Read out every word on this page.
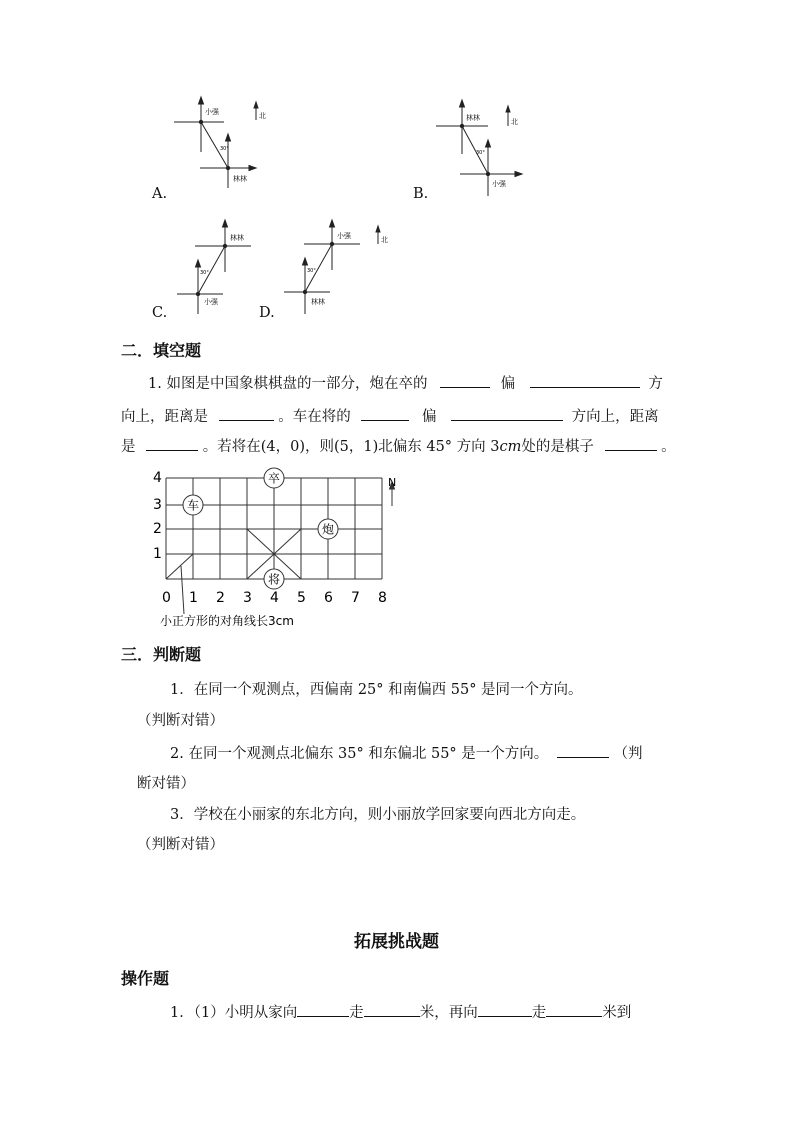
小强	北
30°
林林
A.
林林	北
30°
小强
B.
林林
30°
小强
C.
小强	北
30°
林林
D.
二．填空题
1. 如图是中国象棋棋盘的一部分，炮在卒的	偏	方
向上，距离是	。车在将的	偏	方向上，距离
是	。若将在(4，0)，则(5，1)北偏东 45° 方向 3cm处的是棋子	。
卒
车
炮
将
N
4
3
2
1
0 1 2 3 4 5 6 7 8
小正方形的对角线长3cm
三．判断题
1．在同一个观测点，西偏南 25° 和南偏西 55° 是同一个方向。
（判断对错）
2. 在同一个观测点北偏东 35° 和东偏北 55° 是一个方向。	（判
断对错）
3．学校在小丽家的东北方向，则小丽放学回家要向西北方向走。
（判断对错）
拓展挑战题
操作题
1．（1）小明从家向	走	米，再向	走	米到
